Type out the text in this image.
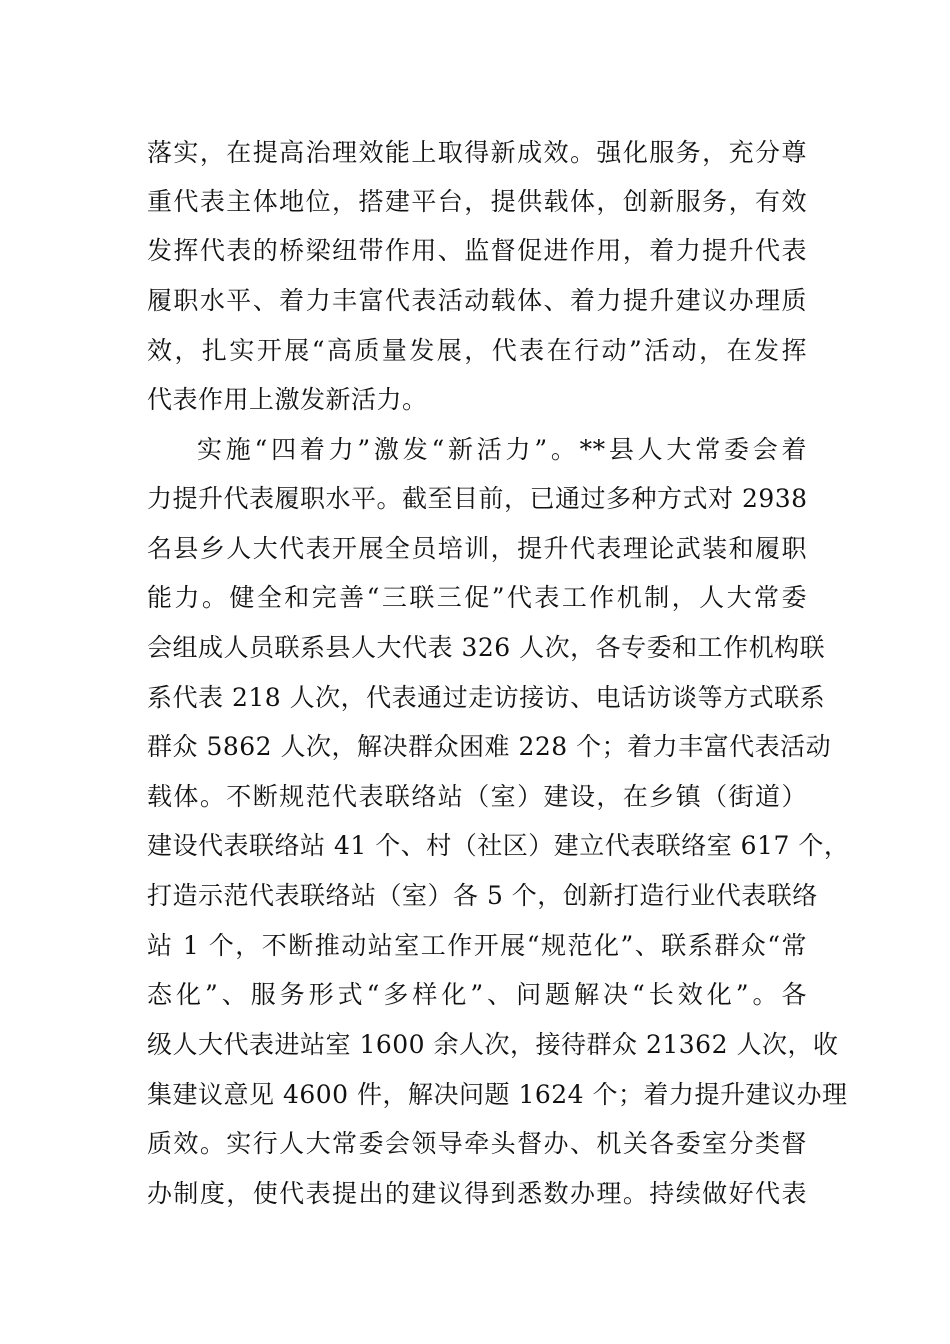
落实，在提高治理效能上取得新成效。强化服务，充分尊
重代表主体地位，搭建平台，提供载体，创新服务，有效
发挥代表的桥梁纽带作用、监督促进作用，着力提升代表
履职水平、着力丰富代表活动载体、着力提升建议办理质
效，扎实开展“高质量发展，代表在行动”活动，在发挥
代表作用上激发新活力。
实施“四着力”激发“新活力”。**县人大常委会着
力提升代表履职水平。截至目前，已通过多种方式对 2938
名县乡人大代表开展全员培训，提升代表理论武装和履职
能力。健全和完善“三联三促”代表工作机制，人大常委
会组成人员联系县人大代表 326 人次，各专委和工作机构联
系代表 218 人次，代表通过走访接访、电话访谈等方式联系
群众 5862 人次，解决群众困难 228 个；着力丰富代表活动
载体。不断规范代表联络站（室）建设，在乡镇（街道）
建设代表联络站 41 个、村（社区）建立代表联络室 617 个，
打造示范代表联络站（室）各 5 个，创新打造行业代表联络
站 1 个，不断推动站室工作开展“规范化”、联系群众“常
态化”、服务形式“多样化”、问题解决“长效化”。各
级人大代表进站室 1600 余人次，接待群众 21362 人次，收
集建议意见 4600 件，解决问题 1624 个；着力提升建议办理
质效。实行人大常委会领导牵头督办、机关各委室分类督
办制度，使代表提出的建议得到悉数办理。持续做好代表
